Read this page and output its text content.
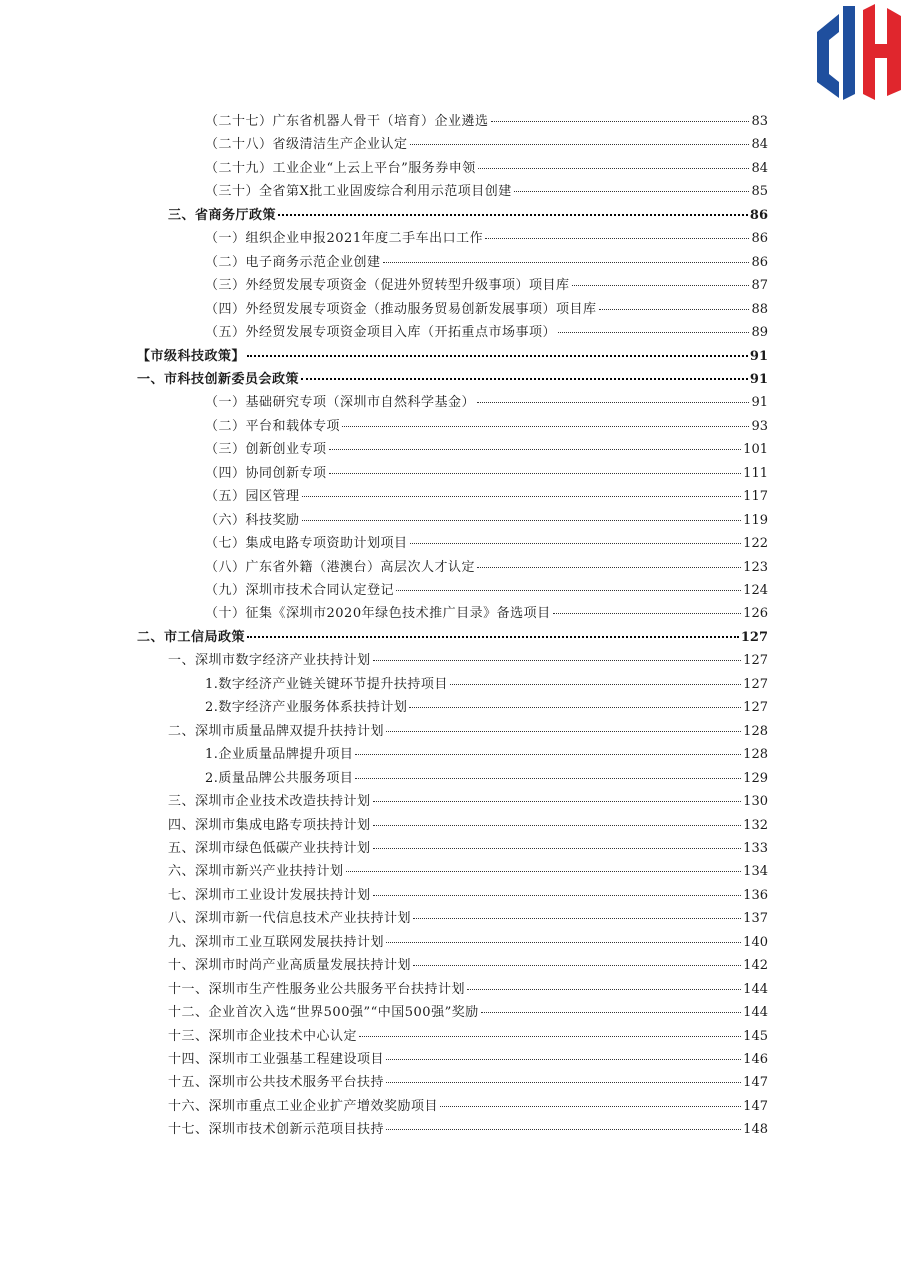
（二十七）广东省机器人骨干（培育）企业遴选	83
（二十八）省级清洁生产企业认定	84
（二十九）工业企业“上云上平台”服务券申领	84
（三十）全省第X批工业固废综合利用示范项目创建	85
三、省商务厅政策	86
（一）组织企业申报2021年度二手车出口工作	86
（二）电子商务示范企业创建	86
（三）外经贸发展专项资金（促进外贸转型升级事项）项目库	87
（四）外经贸发展专项资金（推动服务贸易创新发展事项）项目库	88
（五）外经贸发展专项资金项目入库（开拓重点市场事项）	89
【市级科技政策】	91
一、市科技创新委员会政策	91
（一）基础研究专项（深圳市自然科学基金）	91
（二）平台和载体专项	93
（三）创新创业专项	101
（四）协同创新专项	111
（五）园区管理	117
（六）科技奖励	119
（七）集成电路专项资助计划项目	122
（八）广东省外籍（港澳台）高层次人才认定	123
（九）深圳市技术合同认定登记	124
（十）征集《深圳市2020年绿色技术推广目录》备选项目	126
二、市工信局政策	127
一、深圳市数字经济产业扶持计划	127
1.数字经济产业链关键环节提升扶持项目	127
2.数字经济产业服务体系扶持计划	127
二、深圳市质量品牌双提升扶持计划	128
1.企业质量品牌提升项目	128
2.质量品牌公共服务项目	129
三、深圳市企业技术改造扶持计划	130
四、深圳市集成电路专项扶持计划	132
五、深圳市绿色低碳产业扶持计划	133
六、深圳市新兴产业扶持计划	134
七、深圳市工业设计发展扶持计划	136
八、深圳市新一代信息技术产业扶持计划	137
九、深圳市工业互联网发展扶持计划	140
十、深圳市时尚产业高质量发展扶持计划	142
十一、深圳市生产性服务业公共服务平台扶持计划	144
十二、企业首次入选“世界500强”“中国500强”奖励	144
十三、深圳市企业技术中心认定	145
十四、深圳市工业强基工程建设项目	146
十五、深圳市公共技术服务平台扶持	147
十六、深圳市重点工业企业扩产增效奖励项目	147
十七、深圳市技术创新示范项目扶持	148
